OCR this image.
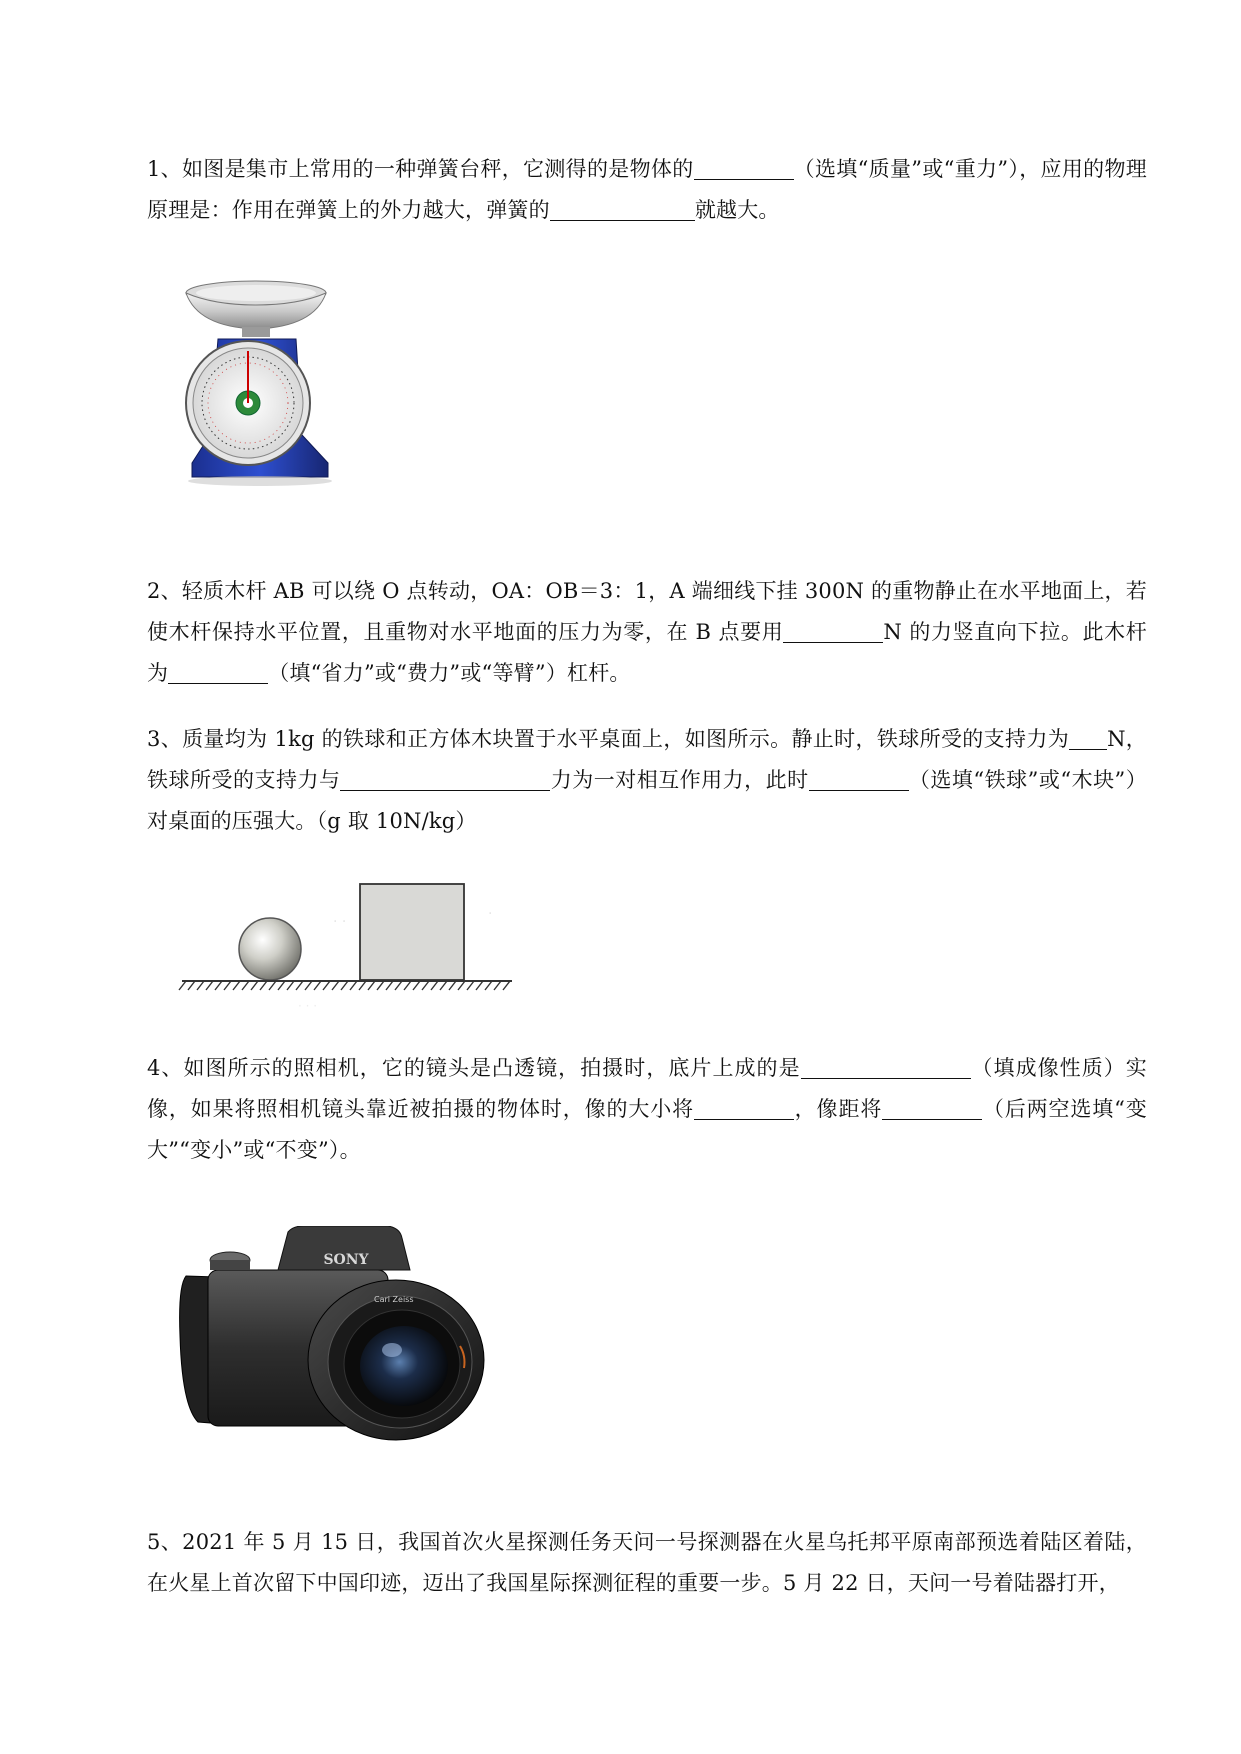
1、如图是集市上常用的一种弹簧台秤，它测得的是物体的	（选填“质量”或“重力”），应用的物理原理是：作用在弹簧上的外力越大，弹簧的	就越大。
2、轻质木杆 AB 可以绕 O 点转动，OA：OB＝3：1，A 端细线下挂 300N 的重物静止在水平地面上，若使木杆保持水平位置，且重物对水平地面的压力为零，在 B 点要用	N 的力竖直向下拉。此木杆为	（填“省力”或“费力”或“等臂”）杠杆。
3、质量均为 1kg 的铁球和正方体木块置于水平桌面上，如图所示。静止时，铁球所受的支持力为 N，铁球所受的支持力与	力为一对相互作用力，此时	（选填“铁球”或“木块”）对桌面的压强大。（g 取 10N/kg）
· ·	·
· · ·
4、如图所示的照相机，它的镜头是凸透镜，拍摄时，底片上成的是	（填成像性质）实像，如果将照相机镜头靠近被拍摄的物体时，像的大小将	，像距将	（后两空选填“变大”“变小”或“不变”）。
SONY
Carl Zeiss
5、2021 年 5 月 15 日，我国首次火星探测任务天问一号探测器在火星乌托邦平原南部预选着陆区着陆，在火星上首次留下中国印迹，迈出了我国星际探测征程的重要一步。5 月 22 日，天问一号着陆器打开，
